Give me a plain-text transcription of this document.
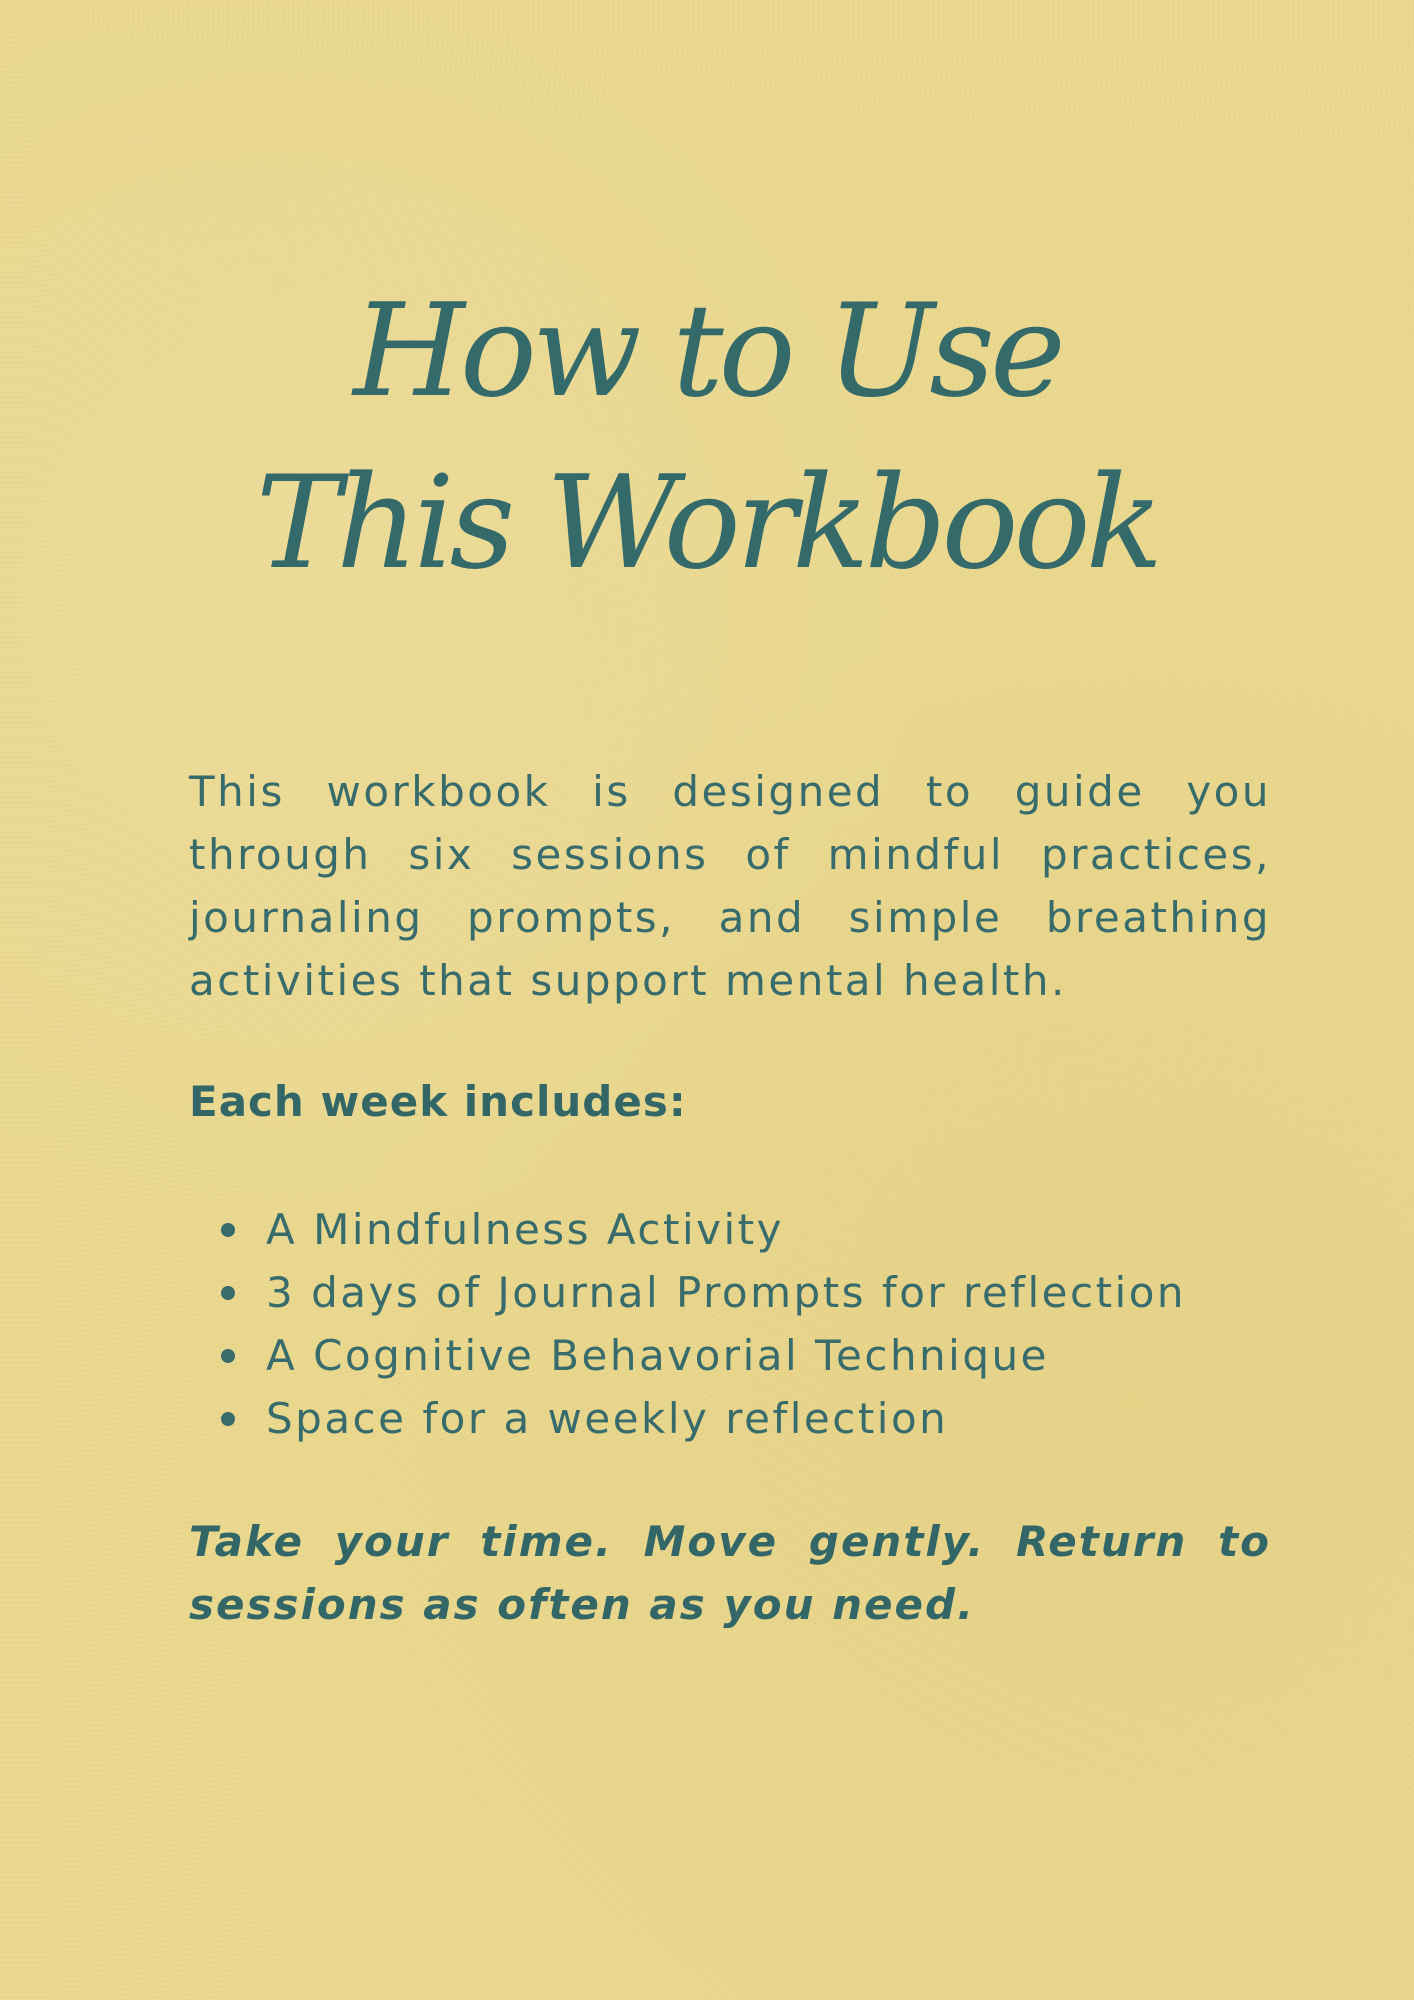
How to Use
This Workbook

This workbook is designed to guide you through six sessions of mindful practices, journaling prompts, and simple breathing activities that support mental health.

Each week includes:
A Mindfulness Activity
3 days of Journal Prompts for reflection
A Cognitive Behavorial Technique
Space for a weekly reflection

Take your time. Move gently. Return to sessions as often as you need.
